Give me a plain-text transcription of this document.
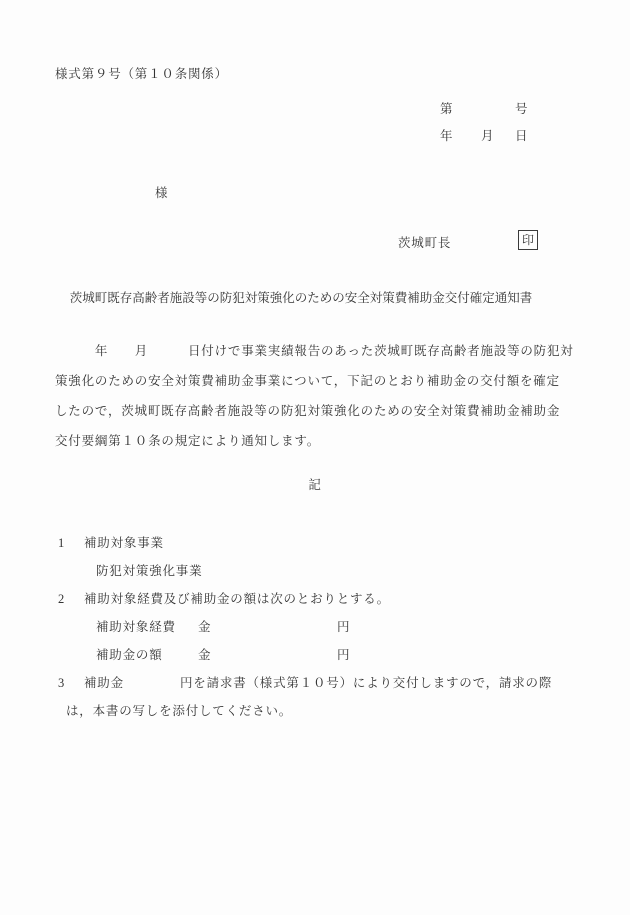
様式第９号（第１０条関係）
第	号
年 月 日
様
茨城町長	印
茨城町既存高齢者施設等の防犯対策強化のための安全対策費補助金交付確定通知書
　　　年　　月　　　日付けで事業実績報告のあった茨城町既存高齢者施設等の防犯対
策強化のための安全対策費補助金事業について，下記のとおり補助金の交付額を確定
したので，茨城町既存高齢者施設等の防犯対策強化のための安全対策費補助金補助金
交付要綱第１０条の規定により通知します。
記
1 補助対象事業
防犯対策強化事業
2 補助対象経費及び補助金の額は次のとおりとする。
補助対象経費 金	円
補助金の額	金	円
3 補助金	円を請求書（様式第１０号）により交付しますので，請求の際
は，本書の写しを添付してください。
